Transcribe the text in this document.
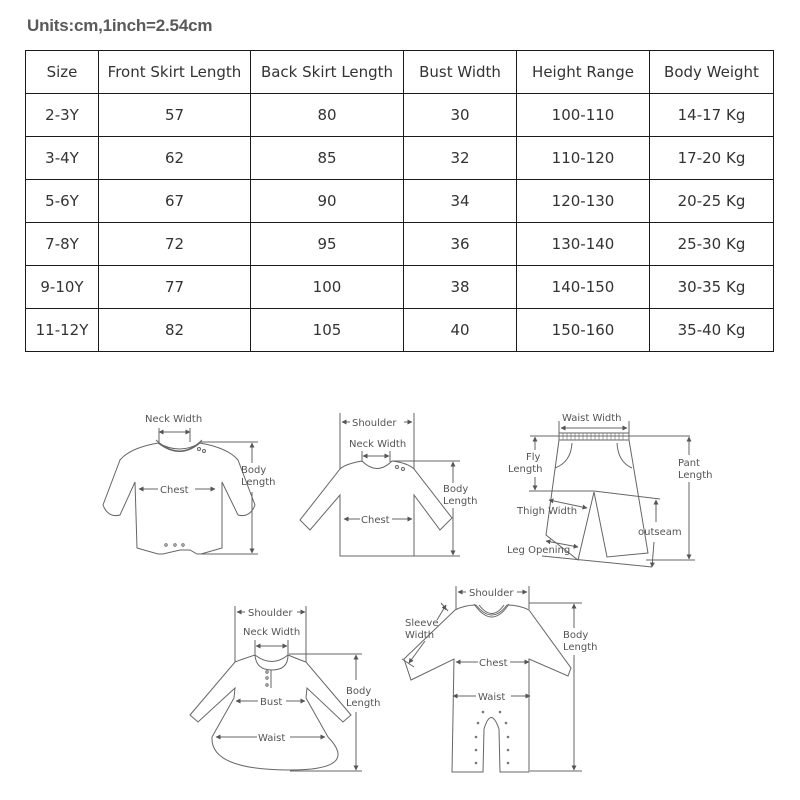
Units:cm,1inch=2.54cm
Size	Front Skirt Length	Back Skirt Length	Bust Width	Height Range	Body Weight
2-3Y	57	80	30	100-110	14-17 Kg
3-4Y	62	85	32	110-120	17-20 Kg
5-6Y	67	90	34	120-130	20-25 Kg
7-8Y	72	95	36	130-140	25-30 Kg
9-10Y	77	100	38	140-150	30-35 Kg
11-12Y	82	105	40	150-160	35-40 Kg
Neck Width
Chest
Body
Length
Shoulder
Neck Width
Chest
Body
Length
Waist Width
Fly
Length
Pant
Length
Thigh Width
outseam
Leg Opening
Shoulder
Neck Width
Bust
Waist
Body
Length
Shoulder
Sleeve
Width
Chest
Waist
Body
Length
